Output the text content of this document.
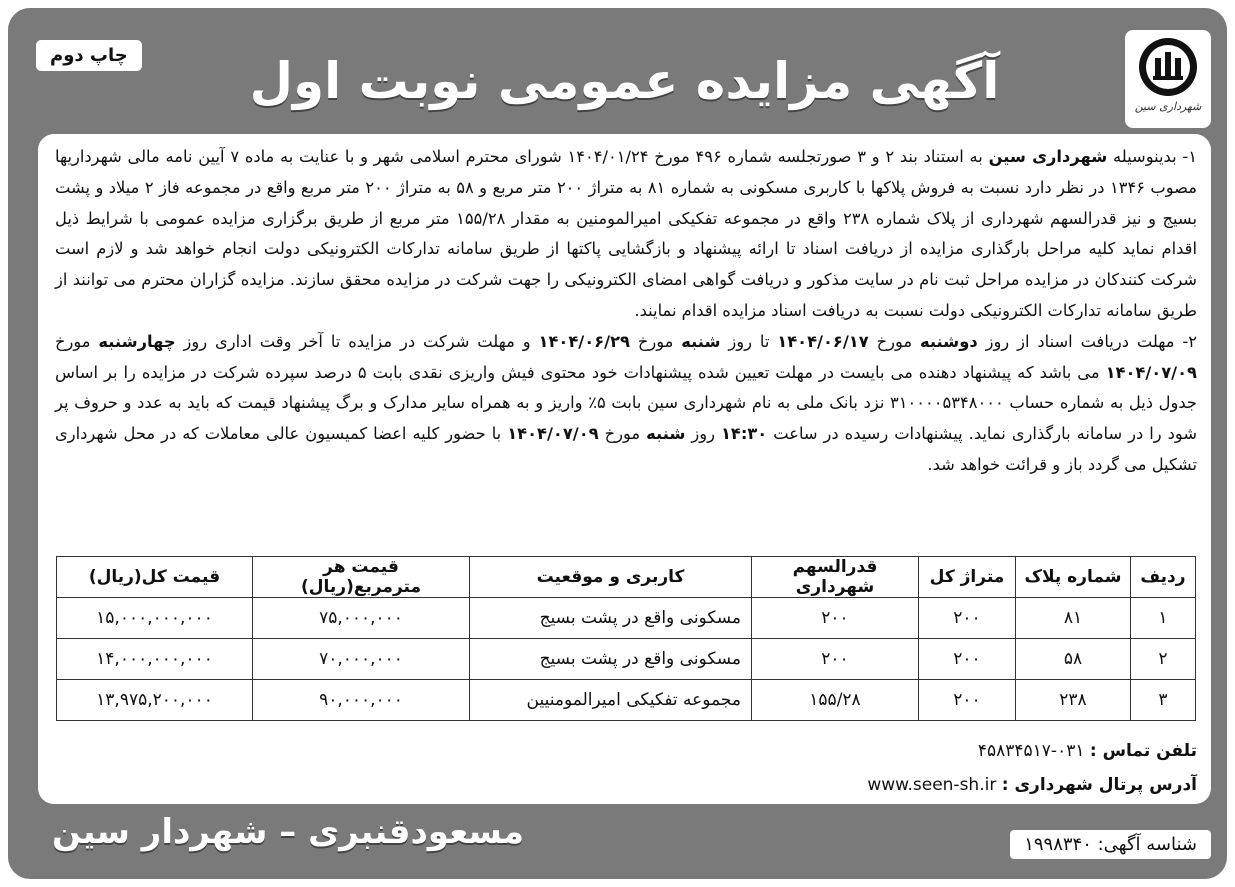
آگهی مزایده عمومی نوبت اول
چاپ دوم
شهرداری سین

۱- بدینوسیله شهرداری سین به استناد بند ۲ و ۳ صورتجلسه شماره ۴۹۶ مورخ ۱۴۰۴/۰۱/۲۴ شورای محترم اسلامی شهر و با عنایت به ماده ۷ آیین نامه مالی شهرداریها مصوب ۱۳۴۶ در نظر دارد نسبت به فروش پلاکها با کاربری مسکونی به شماره ۸۱ به متراژ ۲۰۰ متر مربع و ۵۸ به متراژ ۲۰۰ متر مربع واقع در مجموعه فاز ۲ میلاد و پشت بسیج و نیز قدرالسهم شهرداری از پلاک شماره ۲۳۸ واقع در مجموعه تفکیکی امیرالمومنین به مقدار ۱۵۵/۲۸ متر مربع از طریق برگزاری مزایده عمومی با شرایط ذیل اقدام نماید کلیه مراحل بارگذاری مزایده از دریافت اسناد تا ارائه پیشنهاد و بازگشایی پاکتها از طریق سامانه تدارکات الکترونیکی دولت انجام خواهد شد و لازم است شرکت کنندکان در مزایده مراحل ثبت نام در سایت مذکور و دریافت گواهی امضای الکترونیکی را جهت شرکت در مزایده محقق سازند. مزایده گزاران محترم می توانند از طریق سامانه تدارکات الکترونیکی دولت نسبت به دریافت اسناد مزایده اقدام نمایند.

۲- مهلت دریافت اسناد از روز دوشنبه مورخ ۱۴۰۴/۰۶/۱۷ تا روز شنبه مورخ ۱۴۰۴/۰۶/۲۹ و مهلت شرکت در مزایده تا آخر وقت اداری روز چهارشنبه مورخ ۱۴۰۴/۰۷/۰۹ می باشد که پیشنهاد دهنده می بایست در مهلت تعیین شده پیشنهادات خود محتوی فیش واریزی نقدی بابت ۵ درصد سپرده شرکت در مزایده را بر اساس جدول ذیل به شماره حساب ۳۱۰۰۰۰۵۳۴۸۰۰۰ نزد بانک ملی به نام شهرداری سین بابت ۵٪ واریز و به همراه سایر مدارک و برگ پیشنهاد قیمت که باید به عدد و حروف پر شود را در سامانه بارگذاری نماید. پیشنهادات رسیده در ساعت ۱۴:۳۰ روز شنبه مورخ ۱۴۰۴/۰۷/۰۹ با حضور کلیه اعضا کمیسیون عالی معاملات که در محل شهرداری تشکیل می گردد باز و قرائت خواهد شد.

ردیف	شماره پلاک	متراژ کل	قدرالسهم شهرداری	کاربری و موقعیت	قیمت هر مترمربع(ریال)	قیمت کل(ریال)
۱	۸۱	۲۰۰	۲۰۰	مسکونی واقع در پشت بسیج	۷۵,۰۰۰,۰۰۰	۱۵,۰۰۰,۰۰۰,۰۰۰
۲	۵۸	۲۰۰	۲۰۰	مسکونی واقع در پشت بسیج	۷۰,۰۰۰,۰۰۰	۱۴,۰۰۰,۰۰۰,۰۰۰
۳	۲۳۸	۲۰۰	۱۵۵/۲۸	مجموعه تفکیکی امیرالمومنیین	۹۰,۰۰۰,۰۰۰	۱۳,۹۷۵,۲۰۰,۰۰۰
تلفن تماس : ۰۳۱-۴۵۸۳۴۵۱۷
آدرس پرتال شهرداری : www.seen-sh.ir
مسعودقنبری – شهردار سین	شناسه آگهی: ۱۹۹۸۳۴۰
